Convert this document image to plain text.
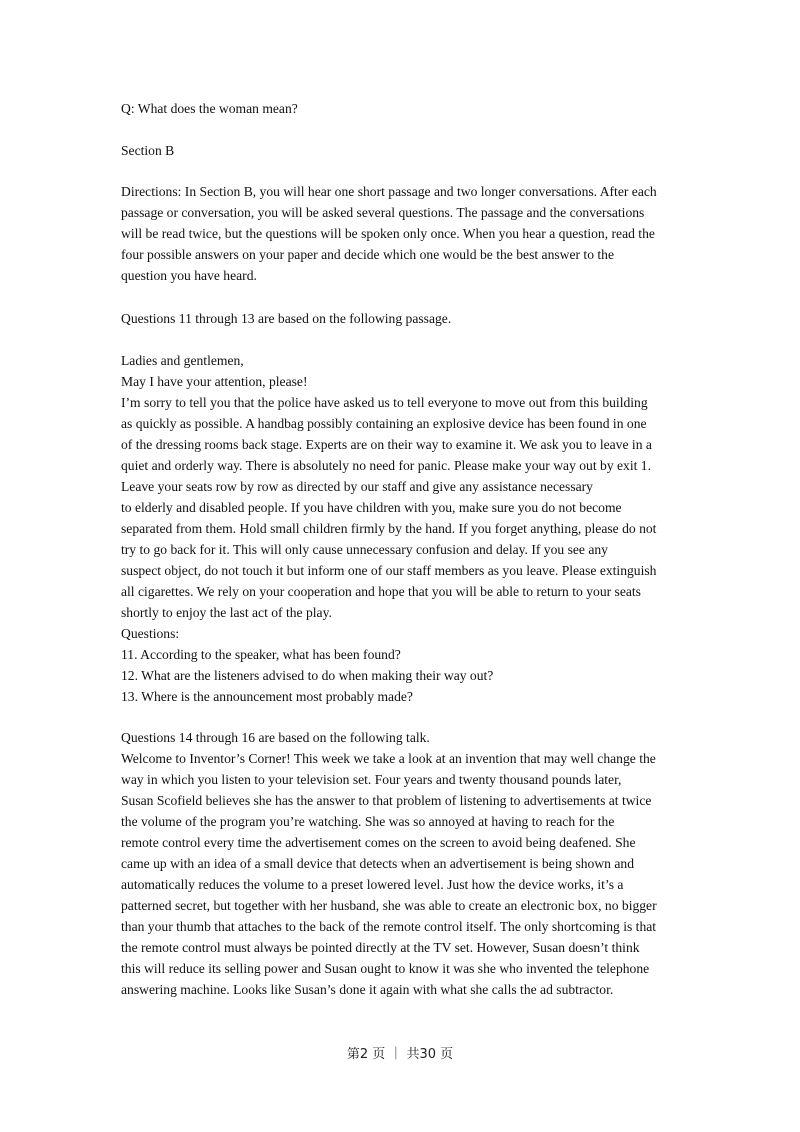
Q: What does the woman mean?
Section B
Directions: In Section B, you will hear one short passage and two longer conversations. After each
passage or conversation, you will be asked several questions. The passage and the conversations
will be read twice, but the questions will be spoken only once. When you hear a question, read the
four possible answers on your paper and decide which one would be the best answer to the
question you have heard.
Questions 11 through 13 are based on the following passage.
Ladies and gentlemen,
May I have your attention, please!
I’m sorry to tell you that the police have asked us to tell everyone to move out from this building
as quickly as possible. A handbag possibly containing an explosive device has been found in one
of the dressing rooms back stage. Experts are on their way to examine it. We ask you to leave in a
quiet and orderly way. There is absolutely no need for panic. Please make your way out by exit 1.
Leave your seats row by row as directed by our staff and give any assistance necessary
to elderly and disabled people. If you have children with you, make sure you do not become
separated from them. Hold small children firmly by the hand. If you forget anything, please do not
try to go back for it. This will only cause unnecessary confusion and delay. If you see any
suspect object, do not touch it but inform one of our staff members as you leave. Please extinguish
all cigarettes. We rely on your cooperation and hope that you will be able to return to your seats
shortly to enjoy the last act of the play.
Questions:
11. According to the speaker, what has been found?
12. What are the listeners advised to do when making their way out?
13. Where is the announcement most probably made?
Questions 14 through 16 are based on the following talk.
Welcome to Inventor’s Corner! This week we take a look at an invention that may well change the
way in which you listen to your television set. Four years and twenty thousand pounds later,
Susan Scofield believes she has the answer to that problem of listening to advertisements at twice
the volume of the program you’re watching. She was so annoyed at having to reach for the
remote control every time the advertisement comes on the screen to avoid being deafened. She
came up with an idea of a small device that detects when an advertisement is being shown and
automatically reduces the volume to a preset lowered level. Just how the device works, it’s a
patterned secret, but together with her husband, she was able to create an electronic box, no bigger
than your thumb that attaches to the back of the remote control itself. The only shortcoming is that
the remote control must always be pointed directly at the TV set. However, Susan doesn’t think
this will reduce its selling power and Susan ought to know it was she who invented the telephone
answering machine. Looks like Susan’s done it again with what she calls the ad subtractor.
第2 页 ｜ 共30 页
